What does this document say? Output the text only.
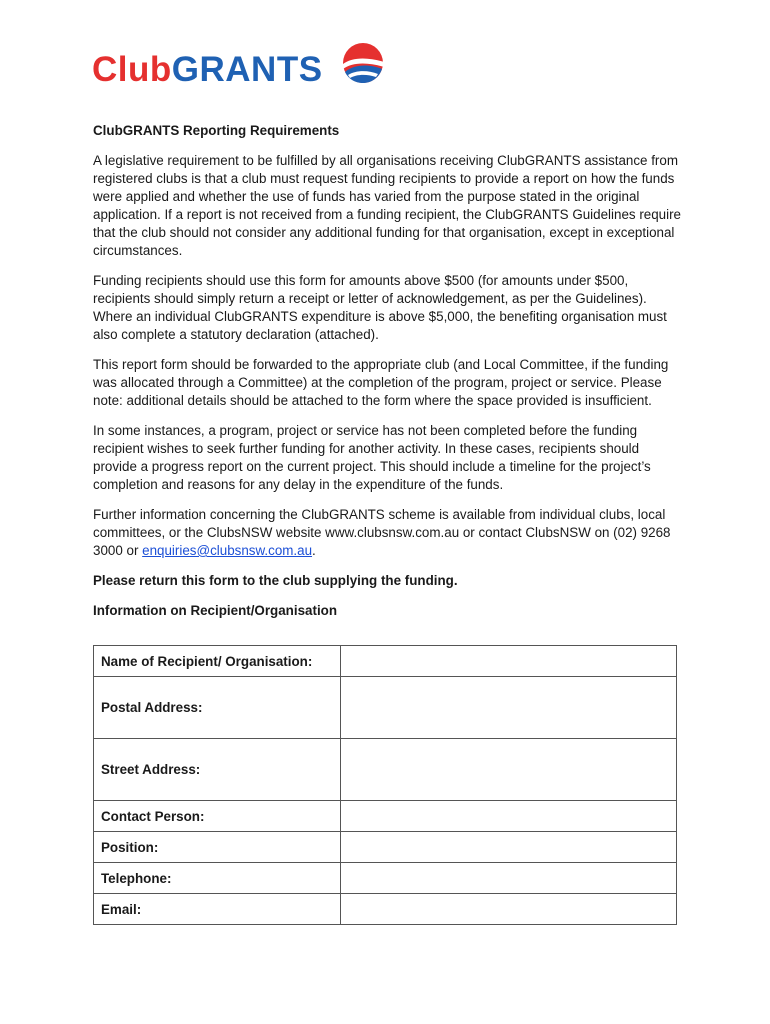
ClubGRANTS
ClubGRANTS Reporting Requirements

A legislative requirement to be fulfilled by all organisations receiving ClubGRANTS assistance from registered clubs is that a club must request funding recipients to provide a report on how the funds were applied and whether the use of funds has varied from the purpose stated in the original application. If a report is not received from a funding recipient, the ClubGRANTS Guidelines require that the club should not consider any additional funding for that organisation, except in exceptional circumstances.

Funding recipients should use this form for amounts above $500 (for amounts under $500, recipients should simply return a receipt or letter of acknowledgement, as per the Guidelines). Where an individual ClubGRANTS expenditure is above $5,000, the benefiting organisation must also complete a statutory declaration (attached).

This report form should be forwarded to the appropriate club (and Local Committee, if the funding was allocated through a Committee) at the completion of the program, project or service. Please note: additional details should be attached to the form where the space provided is insufficient.

In some instances, a program, project or service has not been completed before the funding recipient wishes to seek further funding for another activity. In these cases, recipients should provide a progress report on the current project. This should include a timeline for the project’s completion and reasons for any delay in the expenditure of the funds.

Further information concerning the ClubGRANTS scheme is available from individual clubs, local committees, or the ClubsNSW website www.clubsnsw.com.au or contact ClubsNSW on (02) 9268 3000 or enquiries@clubsnsw.com.au.

Please return this form to the club supplying the funding.
Information on Recipient/Organisation
Name of Recipient/ Organisation:	
Postal Address:	
Street Address:	
Contact Person:	
Position:	
Telephone:	
Email:	
